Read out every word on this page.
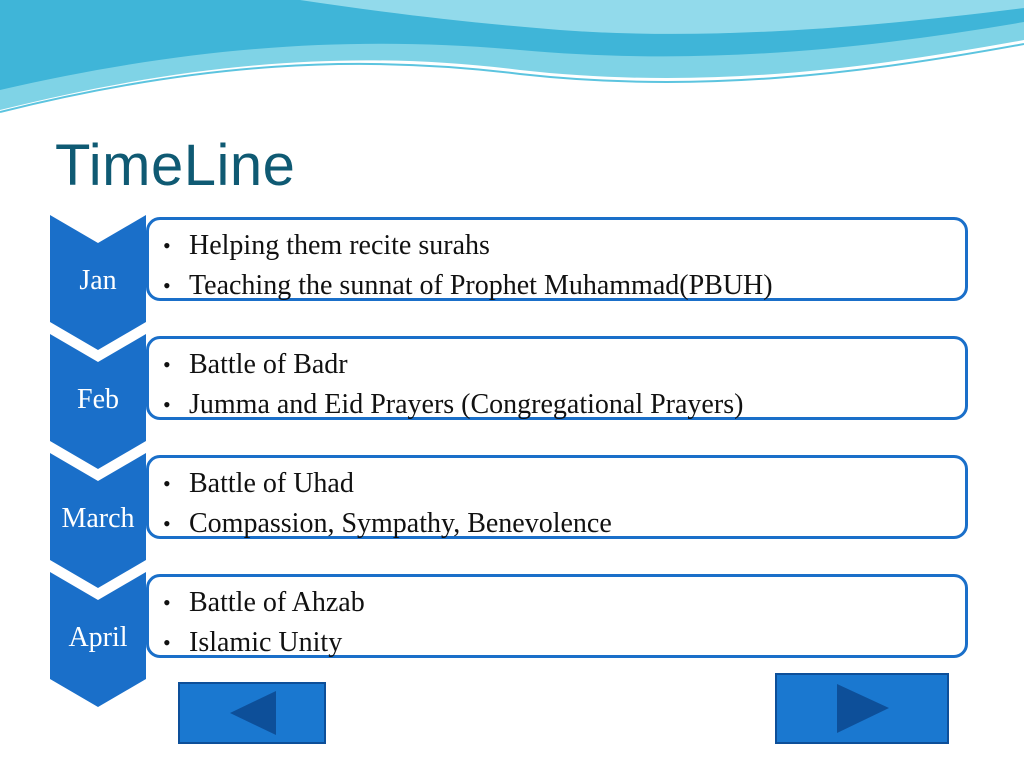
TimeLine
Jan
• Helping them recite surahs
• Teaching the sunnat of Prophet Muhammad(PBUH)
Feb
• Battle of Badr
• Jumma and Eid Prayers (Congregational Prayers)
March
• Battle of Uhad
• Compassion, Sympathy, Benevolence
April
• Battle of Ahzab
• Islamic Unity
